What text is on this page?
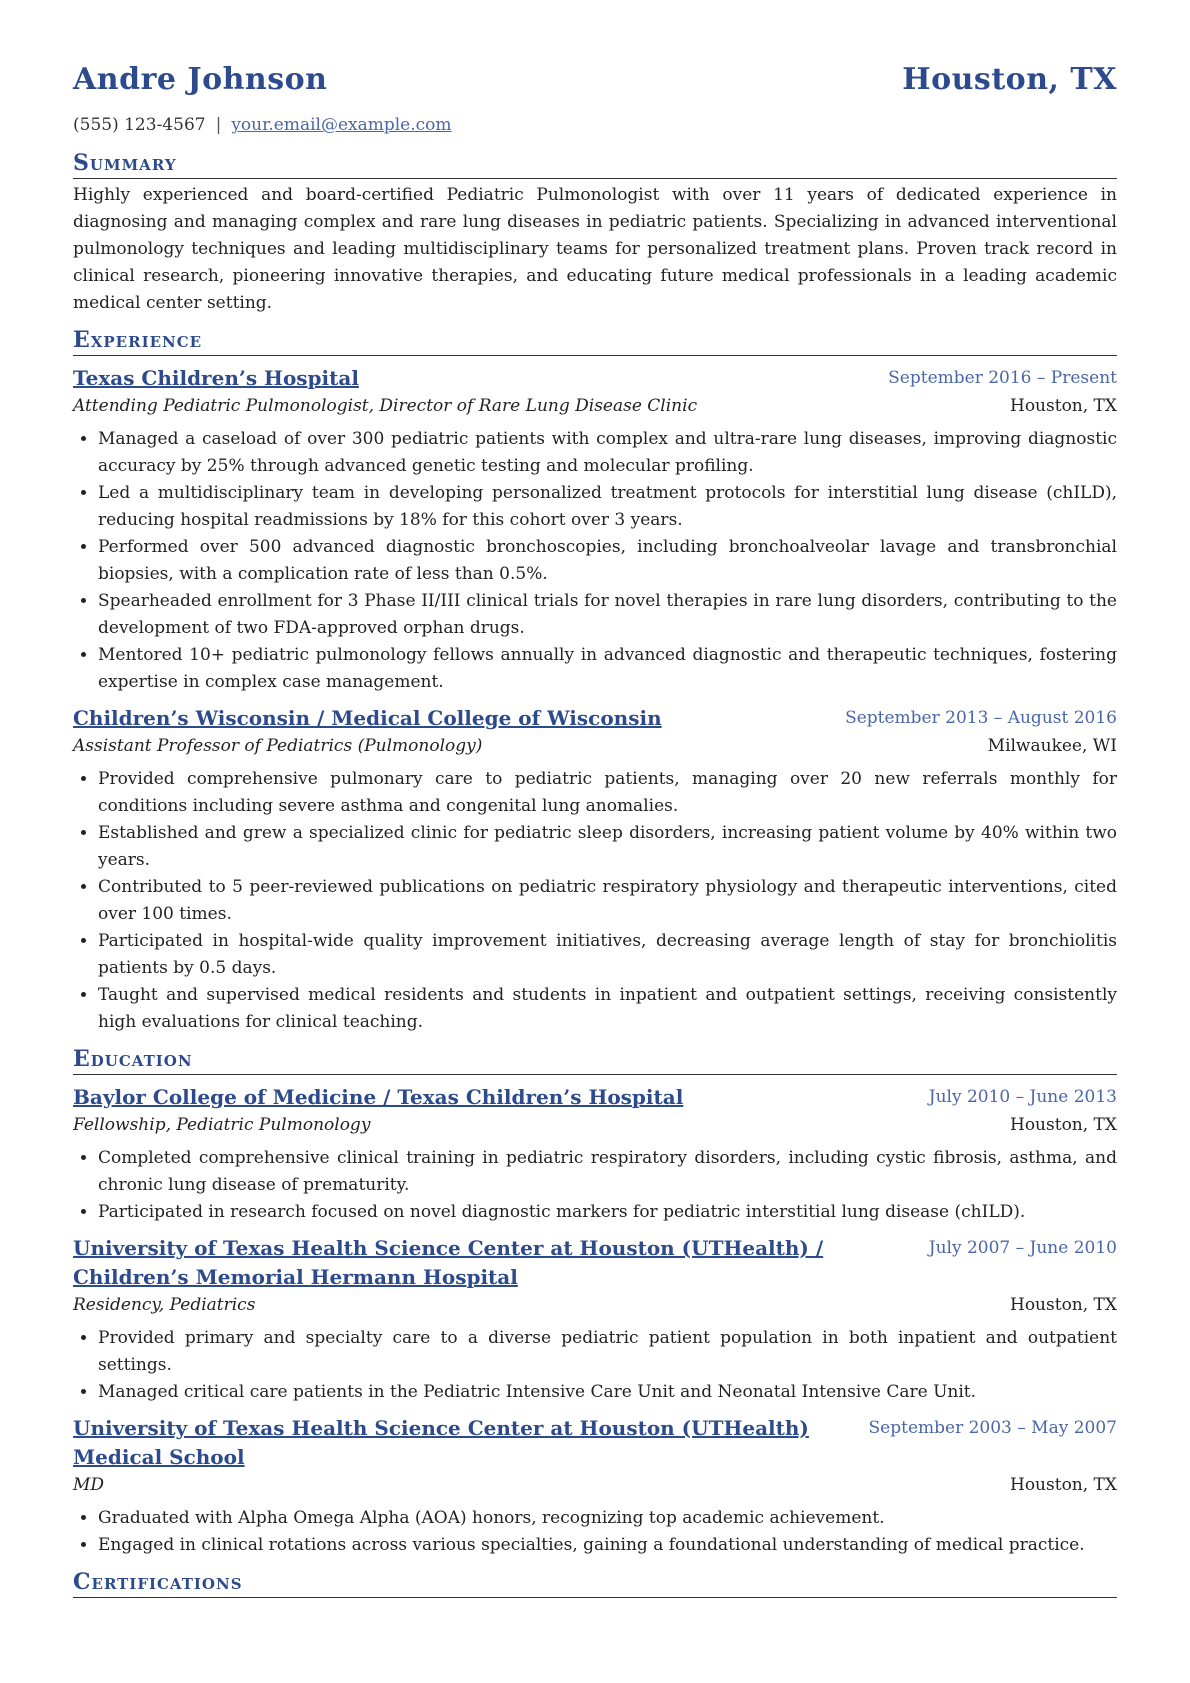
Andre Johnson	Houston, TX
(555) 123-4567 | your.email@example.com
Summary
Highly experienced and board-certified Pediatric Pulmonologist with over 11 years of dedicated experience in diagnosing and managing complex and rare lung diseases in pediatric patients. Specializing in advanced interventional pulmonology techniques and leading multidisciplinary teams for personalized treatment plans. Proven track record in clinical research, pioneering innovative therapies, and educating future medical professionals in a leading academic medical center setting.
Experience
Texas Children’s Hospital	September 2016 – Present
Attending Pediatric Pulmonologist, Director of Rare Lung Disease Clinic	Houston, TX
• Managed a caseload of over 300 pediatric patients with complex and ultra-rare lung diseases, improving diagnostic accuracy by 25% through advanced genetic testing and molecular profiling.
• Led a multidisciplinary team in developing personalized treatment protocols for interstitial lung disease (chILD), reducing hospital readmissions by 18% for this cohort over 3 years.
• Performed over 500 advanced diagnostic bronchoscopies, including bronchoalveolar lavage and transbronchial biopsies, with a complication rate of less than 0.5%.
• Spearheaded enrollment for 3 Phase II/III clinical trials for novel therapies in rare lung disorders, contributing to the development of two FDA-approved orphan drugs.
• Mentored 10+ pediatric pulmonology fellows annually in advanced diagnostic and therapeutic techniques, fostering expertise in complex case management.
Children’s Wisconsin / Medical College of Wisconsin	September 2013 – August 2016
Assistant Professor of Pediatrics (Pulmonology)	Milwaukee, WI
• Provided comprehensive pulmonary care to pediatric patients, managing over 20 new referrals monthly for conditions including severe asthma and congenital lung anomalies.
• Established and grew a specialized clinic for pediatric sleep disorders, increasing patient volume by 40% within two years.
• Contributed to 5 peer-reviewed publications on pediatric respiratory physiology and therapeutic interventions, cited over 100 times.
• Participated in hospital-wide quality improvement initiatives, decreasing average length of stay for bronchiolitis patients by 0.5 days.
• Taught and supervised medical residents and students in inpatient and outpatient settings, receiving consistently high evaluations for clinical teaching.
Education
Baylor College of Medicine / Texas Children’s Hospital	July 2010 – June 2013
Fellowship, Pediatric Pulmonology	Houston, TX
• Completed comprehensive clinical training in pediatric respiratory disorders, including cystic fibrosis, asthma, and chronic lung disease of prematurity.
• Participated in research focused on novel diagnostic markers for pediatric interstitial lung disease (chILD).
University of Texas Health Science Center at Houston (UTHealth) / Children’s Memorial Hermann Hospital
July 2007 – June 2010
Residency, Pediatrics	Houston, TX
• Provided primary and specialty care to a diverse pediatric patient population in both inpatient and outpatient settings.
• Managed critical care patients in the Pediatric Intensive Care Unit and Neonatal Intensive Care Unit.
University of Texas Health Science Center at Houston (UTHealth) Medical School
September 2003 – May 2007
MD	Houston, TX
• Graduated with Alpha Omega Alpha (AOA) honors, recognizing top academic achievement.
• Engaged in clinical rotations across various specialties, gaining a foundational understanding of medical practice.
Certifications
